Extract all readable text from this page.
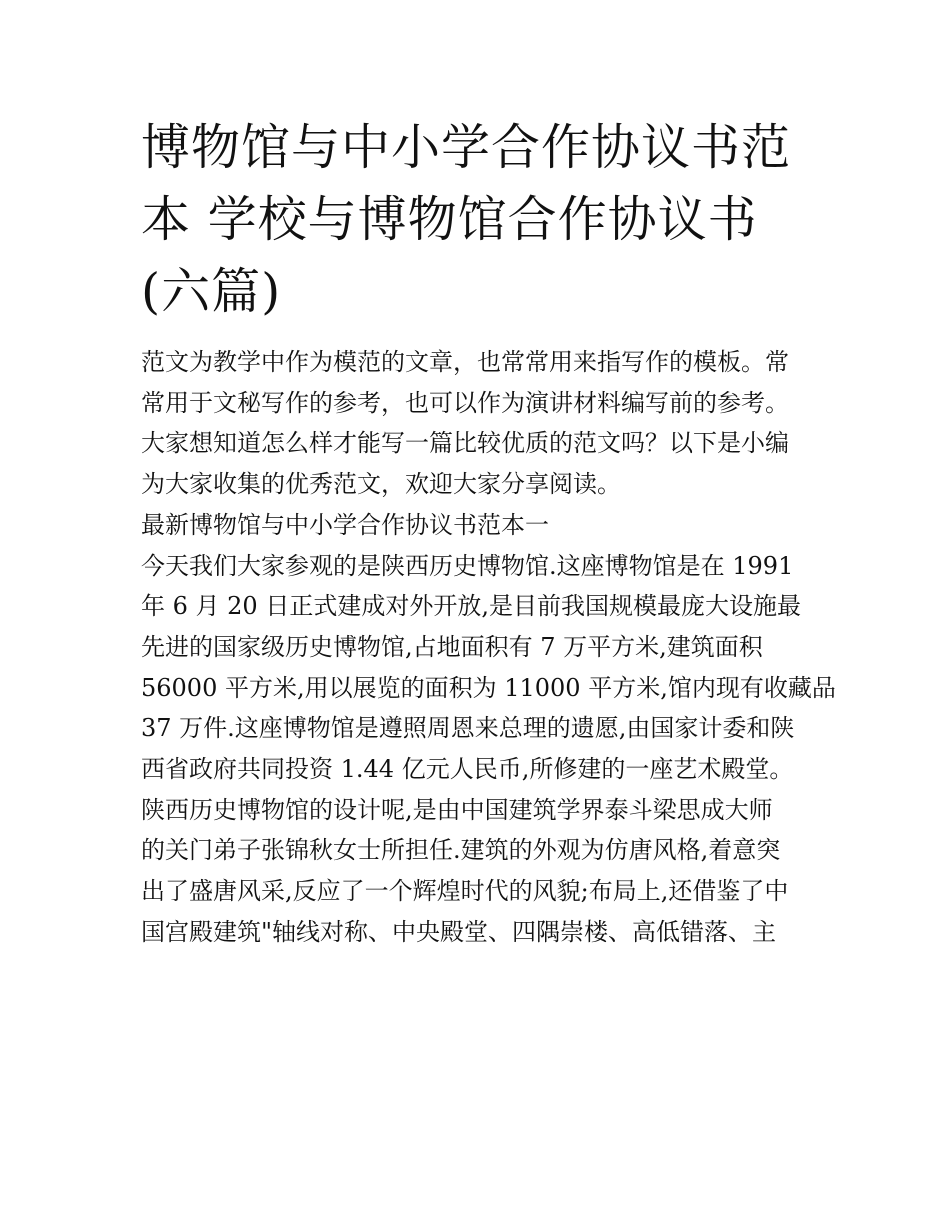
博物馆与中小学合作协议书范
本 学校与博物馆合作协议书
(六篇)
范文为教学中作为模范的文章，也常常用来指写作的模板。常
常用于文秘写作的参考，也可以作为演讲材料编写前的参考。
大家想知道怎么样才能写一篇比较优质的范文吗？以下是小编
为大家收集的优秀范文，欢迎大家分享阅读。
最新博物馆与中小学合作协议书范本一
今天我们大家参观的是陕西历史博物馆.这座博物馆是在 1991
年 6 月 20 日正式建成对外开放,是目前我国规模最庞大设施最
先进的国家级历史博物馆,占地面积有 7 万平方米,建筑面积
56000 平方米,用以展览的面积为 11000 平方米,馆内现有收藏品
37 万件.这座博物馆是遵照周恩来总理的遗愿,由国家计委和陕
西省政府共同投资 1.44 亿元人民币,所修建的一座艺术殿堂。
陕西历史博物馆的设计呢,是由中国建筑学界泰斗梁思成大师
的关门弟子张锦秋女士所担任.建筑的外观为仿唐风格,着意突
出了盛唐风采,反应了一个辉煌时代的风貌;布局上,还借鉴了中
国宫殿建筑"轴线对称、中央殿堂、四隅崇楼、高低错落、主
